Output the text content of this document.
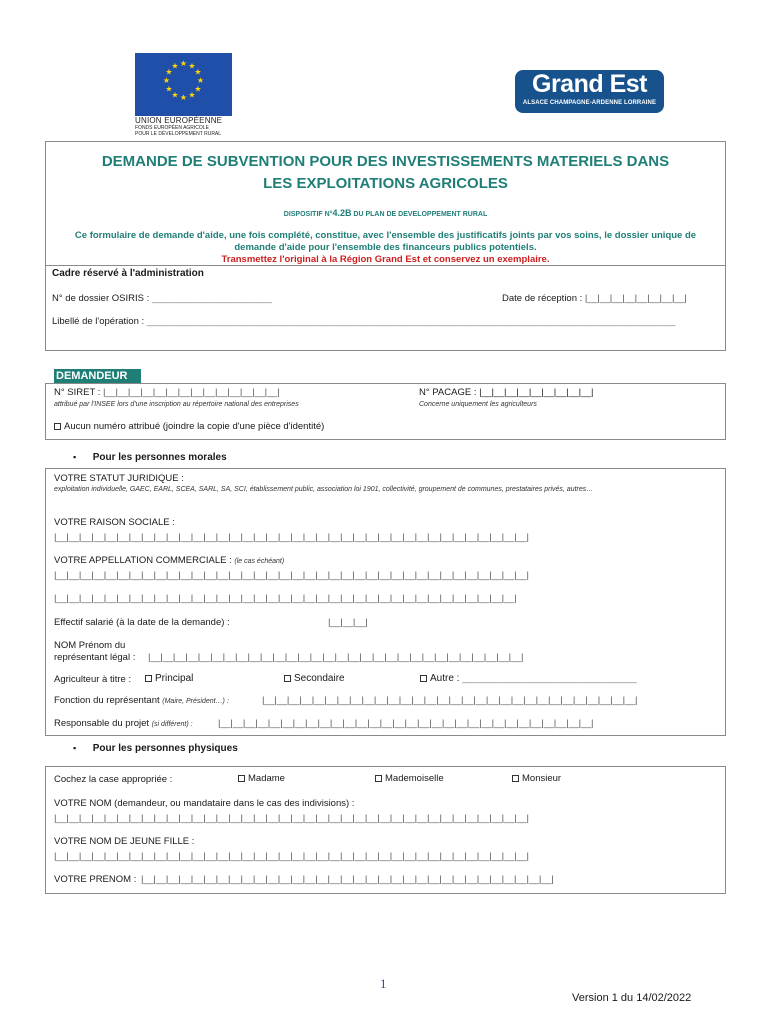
★ ★
★
★
★
★
★
★
★
★
★
★
UNION EUROPÉENNE
FONDS EUROPÉEN AGRICOLE
POUR LE DÉVELOPPEMENT RURAL
Grand Est
ALSACE CHAMPAGNE-ARDENNE LORRAINE
DEMANDE DE SUBVENTION POUR DES INVESTISSEMENTS MATERIELS DANS
LES EXPLOITATIONS AGRICOLES
DISPOSITIF N°4.2B DU PLAN DE DEVELOPPEMENT RURAL
Ce formulaire de demande d'aide, une fois complété, constitue, avec l'ensemble des justificatifs joints par vos soins, le dossier unique de demande d'aide pour l'ensemble des financeurs publics potentiels.
Transmettez l'original à la Région Grand Est et conservez un exemplaire.
Cadre réservé à l'administration
N° de dossier OSIRIS : ________________________	Date de réception : |__|__|__|__|__|__|__|__|
Libellé de l'opération : __________________________________________________________________________________________________________
DEMANDEUR
N° SIRET : |__|__|__|__|__|__|__|__|__|__|__|__|__|__|
attribué par l'INSEE lors d'une inscription au répertoire national des entreprises
N° PACAGE : |__|__|__|__|__|__|__|__|__|
Concerne uniquement les agriculteurs
Aucun numéro attribué (joindre la copie d'une pièce d'identité)
▪ Pour les personnes morales
VOTRE STATUT JURIDIQUE :
exploitation individuelle, GAEC, EARL, SCEA, SARL, SA, SCI, établissement public, association loi 1901, collectivité, groupement de communes, prestataires privés, autres…
VOTRE RAISON SOCIALE :
|__|__|__|__|__|__|__|__|__|__|__|__|__|__|__|__|__|__|__|__|__|__|__|__|__|__|__|__|__|__|__|__|__|__|__|__|__|__|
VOTRE APPELLATION COMMERCIALE : (le cas échéant)
|__|__|__|__|__|__|__|__|__|__|__|__|__|__|__|__|__|__|__|__|__|__|__|__|__|__|__|__|__|__|__|__|__|__|__|__|__|__|
|__|__|__|__|__|__|__|__|__|__|__|__|__|__|__|__|__|__|__|__|__|__|__|__|__|__|__|__|__|__|__|__|__|__|__|__|__|
Effectif salarié (à la date de la demande) :	|__|__|__|
NOM Prénom du
représentant légal : |__|__|__|__|__|__|__|__|__|__|__|__|__|__|__|__|__|__|__|__|__|__|__|__|__|__|__|__|__|__|
Agriculteur à titre :	Principal	Secondaire	Autre : _____________________________________
Fonction du représentant (Maire, Président…) :	|__|__|__|__|__|__|__|__|__|__|__|__|__|__|__|__|__|__|__|__|__|__|__|__|__|__|__|__|__|__|
Responsable du projet (si différent) :	|__|__|__|__|__|__|__|__|__|__|__|__|__|__|__|__|__|__|__|__|__|__|__|__|__|__|__|__|__|__|
▪ Pour les personnes physiques
Cochez la case appropriée :	Madame	Mademoiselle	Monsieur
VOTRE NOM (demandeur, ou mandataire dans le cas des indivisions) :
|__|__|__|__|__|__|__|__|__|__|__|__|__|__|__|__|__|__|__|__|__|__|__|__|__|__|__|__|__|__|__|__|__|__|__|__|__|__|
VOTRE NOM DE JEUNE FILLE :
|__|__|__|__|__|__|__|__|__|__|__|__|__|__|__|__|__|__|__|__|__|__|__|__|__|__|__|__|__|__|__|__|__|__|__|__|__|__|
VOTRE PRENOM : |__|__|__|__|__|__|__|__|__|__|__|__|__|__|__|__|__|__|__|__|__|__|__|__|__|__|__|__|__|__|__|__|__|
1
Version 1 du 14/02/2022
